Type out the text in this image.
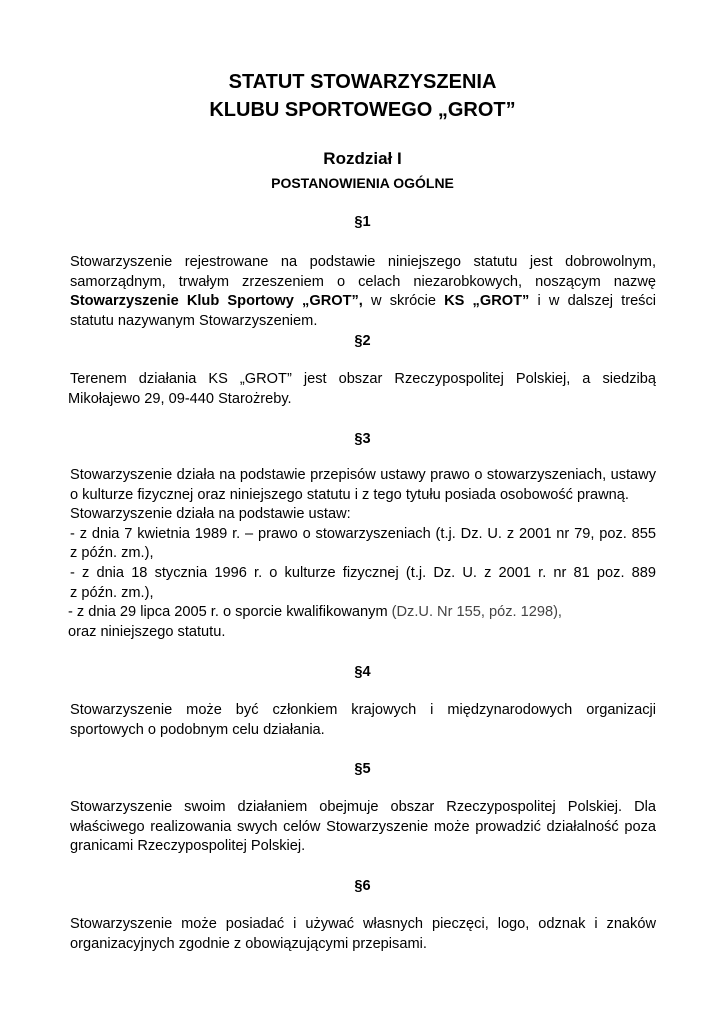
STATUT STOWARZYSZENIA
KLUBU SPORTOWEGO „GROT”
Rozdział I
POSTANOWIENIA OGÓLNE
§1
Stowarzyszenie rejestrowane na podstawie niniejszego statutu jest dobrowolnym,
samorządnym, trwałym zrzeszeniem o celach niezarobkowych, noszącym nazwę
Stowarzyszenie Klub Sportowy „GROT”, w skrócie KS „GROT” i w dalszej treści
statutu nazywanym Stowarzyszeniem.
§2
Terenem działania KS „GROT” jest obszar Rzeczypospolitej Polskiej, a siedzibą
Mikołajewo 29, 09-440 Starożreby.
§3
Stowarzyszenie działa na podstawie przepisów ustawy prawo o stowarzyszeniach, ustawy
o kulturze fizycznej oraz niniejszego statutu i z tego tytułu posiada osobowość prawną.
Stowarzyszenie działa na podstawie ustaw:
- z dnia 7 kwietnia 1989 r. – prawo o stowarzyszeniach (t.j. Dz. U. z 2001 nr 79, poz. 855
z późn. zm.),
- z dnia 18 stycznia 1996 r. o kulturze fizycznej (t.j. Dz. U. z 2001 r. nr 81 poz. 889
z późn. zm.),
- z dnia 29 lipca 2005 r. o sporcie kwalifikowanym (Dz.U. Nr 155, póz. 1298),
oraz niniejszego statutu.
§4
Stowarzyszenie może być członkiem krajowych i międzynarodowych organizacji
sportowych o podobnym celu działania.
§5
Stowarzyszenie swoim działaniem obejmuje obszar Rzeczypospolitej Polskiej. Dla
właściwego realizowania swych celów Stowarzyszenie może prowadzić działalność poza
granicami Rzeczypospolitej Polskiej.
§6
Stowarzyszenie może posiadać i używać własnych pieczęci, logo, odznak i znaków
organizacyjnych zgodnie z obowiązującymi przepisami.
